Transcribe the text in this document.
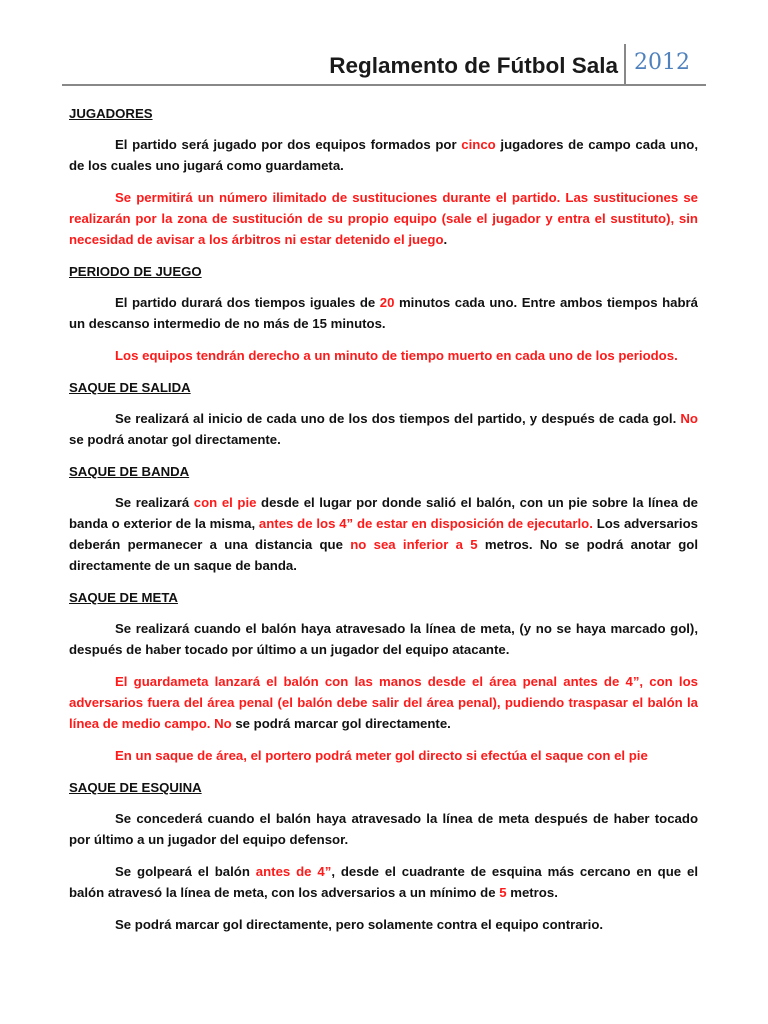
Reglamento de Fútbol Sala 2012
JUGADORES

El partido será jugado por dos equipos formados por cinco jugadores de campo cada uno, de los cuales uno jugará como guardameta.

Se permitirá un número ilimitado de sustituciones durante el partido. Las sustituciones se realizarán por la zona de sustitución de su propio equipo (sale el jugador y entra el sustituto), sin necesidad de avisar a los árbitros ni estar detenido el juego.

PERIODO DE JUEGO

El partido durará dos tiempos iguales de 20 minutos cada uno. Entre ambos tiempos habrá un descanso intermedio de no más de 15 minutos.

Los equipos tendrán derecho a un minuto de tiempo muerto en cada uno de los periodos.

SAQUE DE SALIDA

Se realizará al inicio de cada uno de los dos tiempos del partido, y después de cada gol. No se podrá anotar gol directamente.

SAQUE DE BANDA

Se realizará con el pie desde el lugar por donde salió el balón, con un pie sobre la línea de banda o exterior de la misma, antes de los 4” de estar en disposición de ejecutarlo. Los adversarios deberán permanecer a una distancia que no sea inferior a 5 metros. No se podrá anotar gol directamente de un saque de banda.

SAQUE DE META

Se realizará cuando el balón haya atravesado la línea de meta, (y no se haya marcado gol), después de haber tocado por último a un jugador del equipo atacante.

El guardameta lanzará el balón con las manos desde el área penal antes de 4”, con los adversarios fuera del área penal (el balón debe salir del área penal), pudiendo traspasar el balón la línea de medio campo. No se podrá marcar gol directamente.

En un saque de área, el portero podrá meter gol directo si efectúa el saque con el pie

SAQUE DE ESQUINA

Se concederá cuando el balón haya atravesado la línea de meta después de haber tocado por último a un jugador del equipo defensor.

Se golpeará el balón antes de 4”, desde el cuadrante de esquina más cercano en que el balón atravesó la línea de meta, con los adversarios a un mínimo de 5 metros.

Se podrá marcar gol directamente, pero solamente contra el equipo contrario.
